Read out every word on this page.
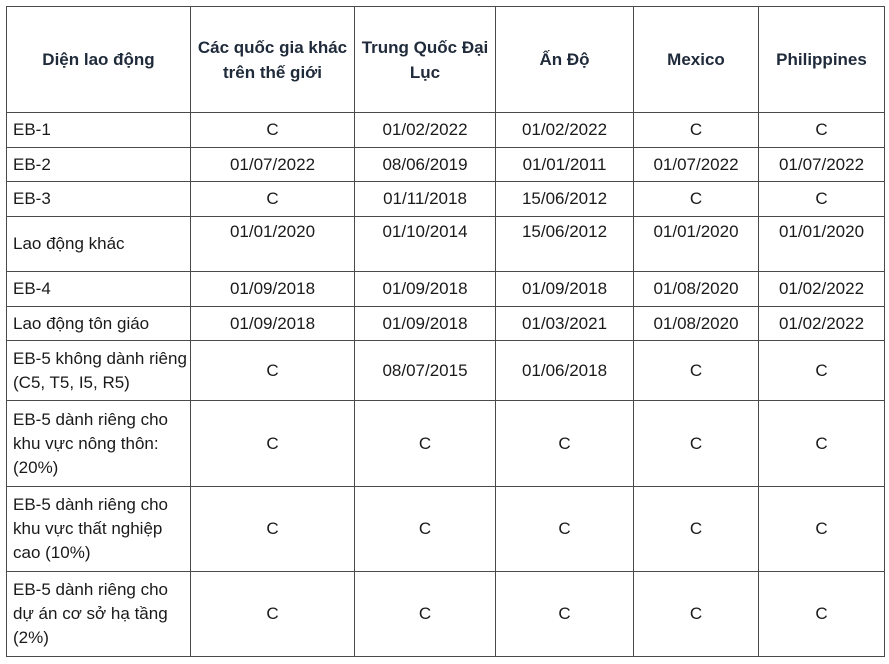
Diện lao động	Các quốc gia khác trên thế giới	Trung Quốc Đại Lục	Ấn Độ	Mexico	Philippines
EB-1	C	01/02/2022	01/02/2022	C	C
EB-2	01/07/2022	08/06/2019	01/01/2011	01/07/2022	01/07/2022
EB-3	C	01/11/2018	15/06/2012	C	C
Lao động khác	01/01/2020	01/10/2014	15/06/2012	01/01/2020	01/01/2020
EB-4	01/09/2018	01/09/2018	01/09/2018	01/08/2020	01/02/2022
Lao động tôn giáo	01/09/2018	01/09/2018	01/03/2021	01/08/2020	01/02/2022
EB-5 không dành riêng (C5, T5, I5, R5)	C	08/07/2015	01/06/2018	C	C
EB-5 dành riêng cho khu vực nông thôn: (20%)	C	C	C	C	C
EB-5 dành riêng cho khu vực thất nghiệp cao (10%)	C	C	C	C	C
EB-5 dành riêng cho dự án cơ sở hạ tầng (2%)	C	C	C	C	C
